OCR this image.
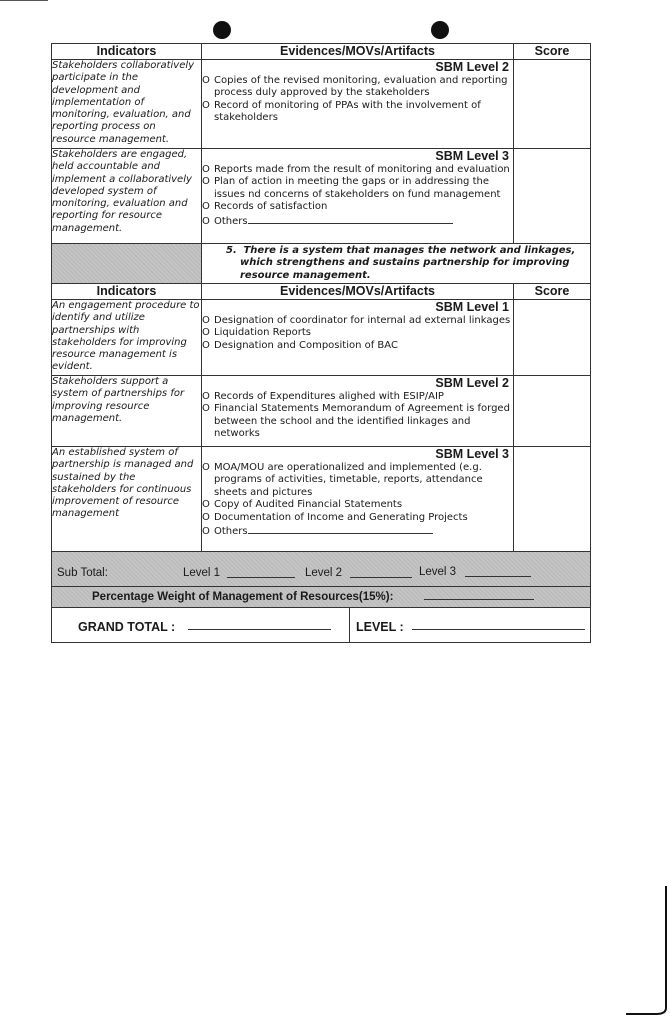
Indicators	Evidences/MOVs/Artifacts	Score
Stakeholders collaboratively participate in the development and implementation of monitoring, evaluation, and reporting process on resource management.	SBM Level 2
O Copies of the revised monitoring, evaluation and reporting process duly approved by the stakeholders
O Record of monitoring of PPAs with the involvement of stakeholders	

Stakeholders are engaged, held accountable and implement a collaboratively developed system of monitoring, evaluation and reporting for resource management.	SBM Level 3
O Reports made from the result of monitoring and evaluation
O Plan of action in meeting the gaps or in addressing the issues nd concerns of stakeholders on fund management
O Records of satisfaction
O Others	

	5. There is a system that manages the network and linkages, which strengthens and sustains partnership for improving resource management.	

Indicators	Evidences/MOVs/Artifacts	Score
An engagement procedure to identify and utilize partnerships with stakeholders for improving resource management is evident.	SBM Level 1
O Designation of coordinator for internal ad external linkages
O Liquidation Reports
O Designation and Composition of BAC	

Stakeholders support a system of partnerships for improving resource management.	SBM Level 2
O Records of Expenditures alighed with ESIP/AIP
O Financial Statements Memorandum of Agreement is forged between the school and the identified linkages and networks	

An established system of partnership is managed and sustained by the stakeholders for continuous improvement of resource management	SBM Level 3
O MOA/MOU are operationalized and implemented (e.g. programs of activities, timetable, reports, attendance sheets and pictures
O Copy of Audited Financial Statements
O Documentation of Income and Generating Projects
O Others	

Sub Total: Level 1 Level 2 Level 3		

Percentage Weight of Management of Resources(15%):		

GRAND TOTAL : LEVEL :		
